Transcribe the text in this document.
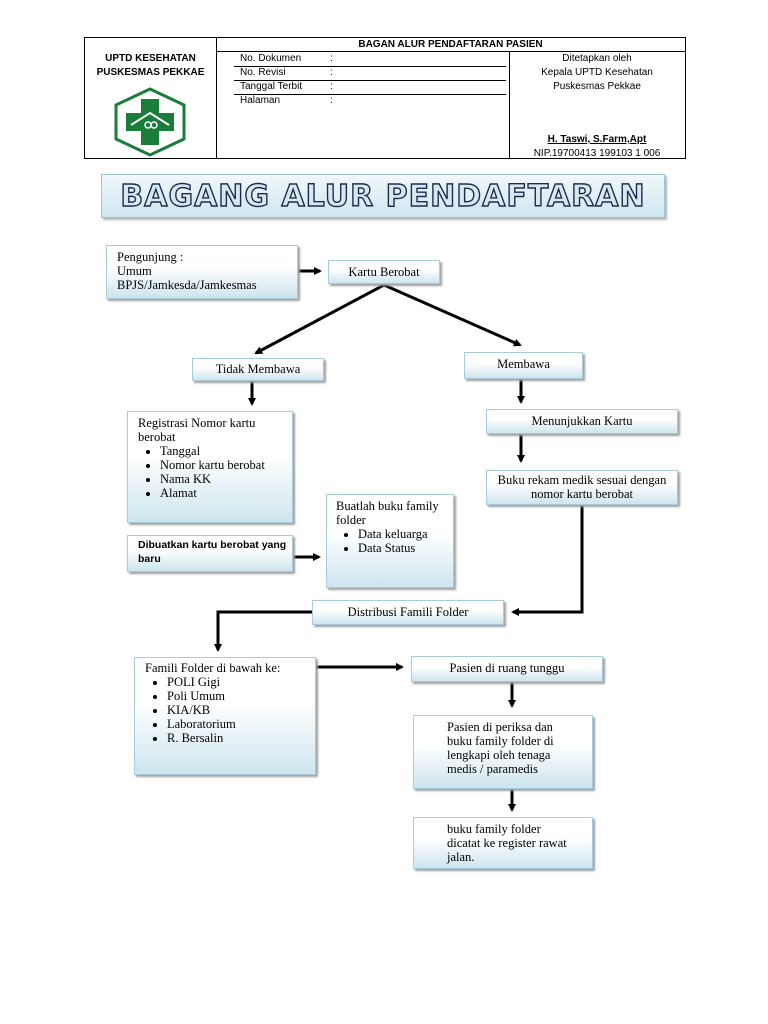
UPTD KESEHATAN
PUSKESMAS PEKKAE
BAGAN ALUR PENDAFTARAN PASIEN
No. Dokumen	:
No. Revisi	:
Tanggal Terbit	:
Halaman	:
Ditetapkan oleh
Kepala UPTD Kesehatan
Puskesmas Pekkae
H. Taswi, S.Farm,Apt
NIP.19700413 199103 1 006
BAGANG ALUR PENDAFTARAN
Pengunjung :
Umum
BPJS/Jamkesda/Jamkesmas
Kartu Berobat
Tidak Membawa	Membawa
Registrasi Nomor kartu berobat
• Tanggal
• Nomor kartu berobat
• Nama KK
• Alamat
Dibuatkan kartu berobat yang baru
Buatlah buku family folder
• Data keluarga
• Data Status
Menunjukkan Kartu
Buku rekam medik sesuai dengan nomor kartu berobat
Distribusi Famili Folder
Famili Folder di bawah ke:
• POLI Gigi
• Poli Umum
• KIA/KB
• Laboratorium
• R. Bersalin
Pasien di ruang tunggu
Pasien di periksa dan buku family folder di lengkapi oleh tenaga medis / paramedis
buku family folder dicatat ke register rawat jalan.
